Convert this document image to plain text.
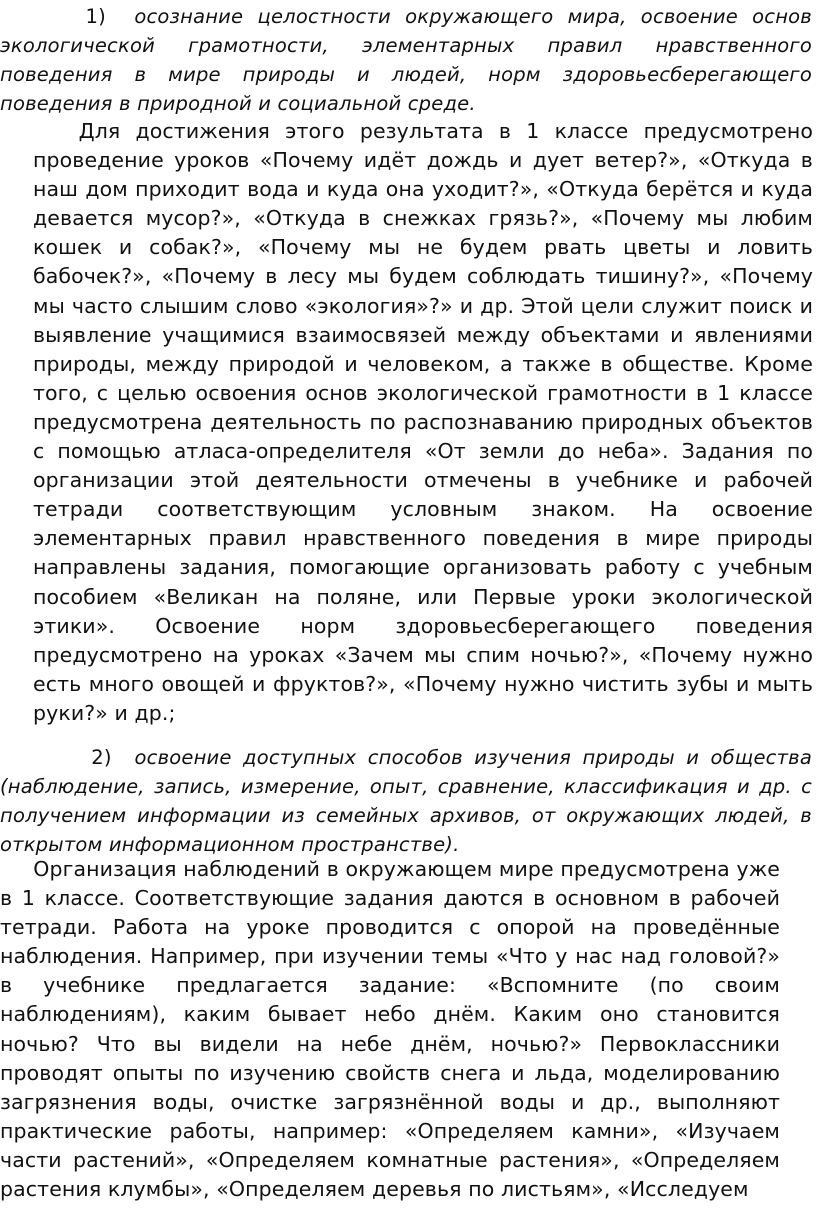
1)  осознание целостности окружающего мира, освоение основ экологической грамотности, элементарных правил нравственного поведения в мире природы и людей, норм здоровьесберегающего поведения в природной и социальной среде.

Для достижения этого результата в 1 классе предусмотрено проведение уроков «Почему идёт дождь и дует ветер?», «Откуда в наш дом приходит вода и куда она уходит?», «Откуда берётся и куда девается мусор?», «Откуда в снежках грязь?», «Почему мы любим кошек и собак?», «Почему мы не будем рвать цветы и ловить бабочек?», «Почему в лесу мы будем соблюдать тишину?», «Почему мы часто слышим слово «экология»?» и др. Этой цели служит поиск и выявление учащимися взаимосвязей между объектами и явлениями природы, между природой и человеком, а также в обществе. Кроме того, с целью освоения основ экологической грамотности в 1 классе предусмотрена деятельность по распознаванию природных объектов с помощью атласа-определителя «От земли до неба». Задания по организации этой деятельности отмечены в учебнике и рабочей тетради соответствующим условным знаком. На освоение элементарных правил нравственного поведения в мире природы направлены задания, помогающие организовать работу с учебным пособием «Великан на поляне, или Первые уроки экологической этики». Освоение норм здоровьесберегающего поведения предусмотрено на уроках «Зачем мы спим ночью?», «Почему нужно есть много овощей и фруктов?», «Почему нужно чистить зубы и мыть руки?» и др.;

2)  освоение доступных способов изучения природы и общества (наблюдение, запись, измерение, опыт, сравнение, классификация и др. с получением информации из семейных архивов, от окружающих людей, в открытом информационном пространстве).

Организация наблюдений в окружающем мире предусмотрена уже в 1 классе. Соответствующие задания даются в основном в рабочей тетради. Работа на уроке проводится с опорой на проведённые наблюдения. Например, при изучении темы «Что у нас над головой?» в учебнике предлагается задание: «Вспомните (по своим наблюдениям), каким бывает небо днём. Каким оно становится ночью? Что вы видели на небе днём, ночью?» Первоклассники проводят опыты по изучению свойств снега и льда, моделированию загрязнения воды, очистке загрязнённой воды и др., выполняют практические работы, например: «Определяем камни», «Изучаем части растений», «Определяем комнатные растения», «Определяем растения клумбы», «Определяем деревья по листьям», «Исследуем
